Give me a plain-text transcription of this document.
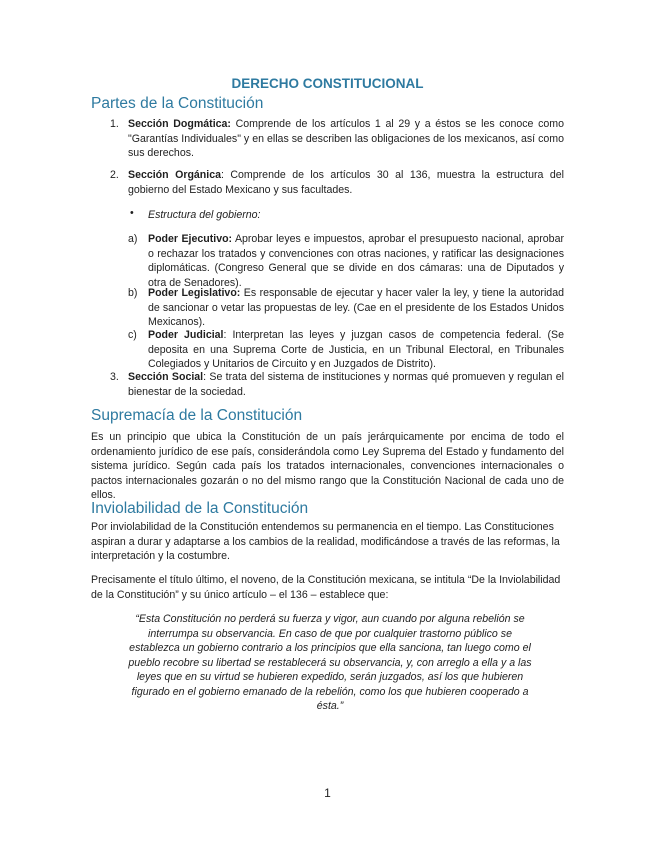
DERECHO CONSTITUCIONAL
Partes de la Constitución
1. Sección Dogmática: Comprende de los artículos 1 al 29 y a éstos se les conoce como "Garantías Individuales" y en ellas se describen las obligaciones de los mexicanos, así como sus derechos.
2. Sección Orgánica: Comprende de los artículos 30 al 136, muestra la estructura del gobierno del Estado Mexicano y sus facultades.
• Estructura del gobierno:
a) Poder Ejecutivo: Aprobar leyes e impuestos, aprobar el presupuesto nacional, aprobar o rechazar los tratados y convenciones con otras naciones, y ratificar las designaciones diplomáticas. (Congreso General que se divide en dos cámaras: una de Diputados y otra de Senadores).
b) Poder Legislativo: Es responsable de ejecutar y hacer valer la ley, y tiene la autoridad de sancionar o vetar las propuestas de ley. (Cae en el presidente de los Estados Unidos Mexicanos).
c) Poder Judicial: Interpretan las leyes y juzgan casos de competencia federal. (Se deposita en una Suprema Corte de Justicia, en un Tribunal Electoral, en Tribunales Colegiados y Unitarios de Circuito y en Juzgados de Distrito).
3. Sección Social: Se trata del sistema de instituciones y normas qué promueven y regulan el bienestar de la sociedad.
Supremacía de la Constitución
Es un principio que ubica la Constitución de un país jerárquicamente por encima de todo el ordenamiento jurídico de ese país, considerándola como Ley Suprema del Estado y fundamento del sistema jurídico. Según cada país los tratados internacionales, convenciones internacionales o pactos internacionales gozarán o no del mismo rango que la Constitución Nacional de cada uno de ellos.
Inviolabilidad de la Constitución
Por inviolabilidad de la Constitución entendemos su permanencia en el tiempo. Las Constituciones aspiran a durar y adaptarse a los cambios de la realidad, modificándose a través de las reformas, la interpretación y la costumbre.
Precisamente el título último, el noveno, de la Constitución mexicana, se intitula “De la Inviolabilidad de la Constitución” y su único artículo – el 136 – establece que:
“Esta Constitución no perderá su fuerza y vigor, aun cuando por alguna rebelión se interrumpa su observancia. En caso de que por cualquier trastorno público se establezca un gobierno contrario a los principios que ella sanciona, tan luego como el pueblo recobre su libertad se restablecerá su observancia, y, con arreglo a ella y a las leyes que en su virtud se hubieren expedido, serán juzgados, así los que hubieren figurado en el gobierno emanado de la rebelión, como los que hubieren cooperado a ésta.”
1
